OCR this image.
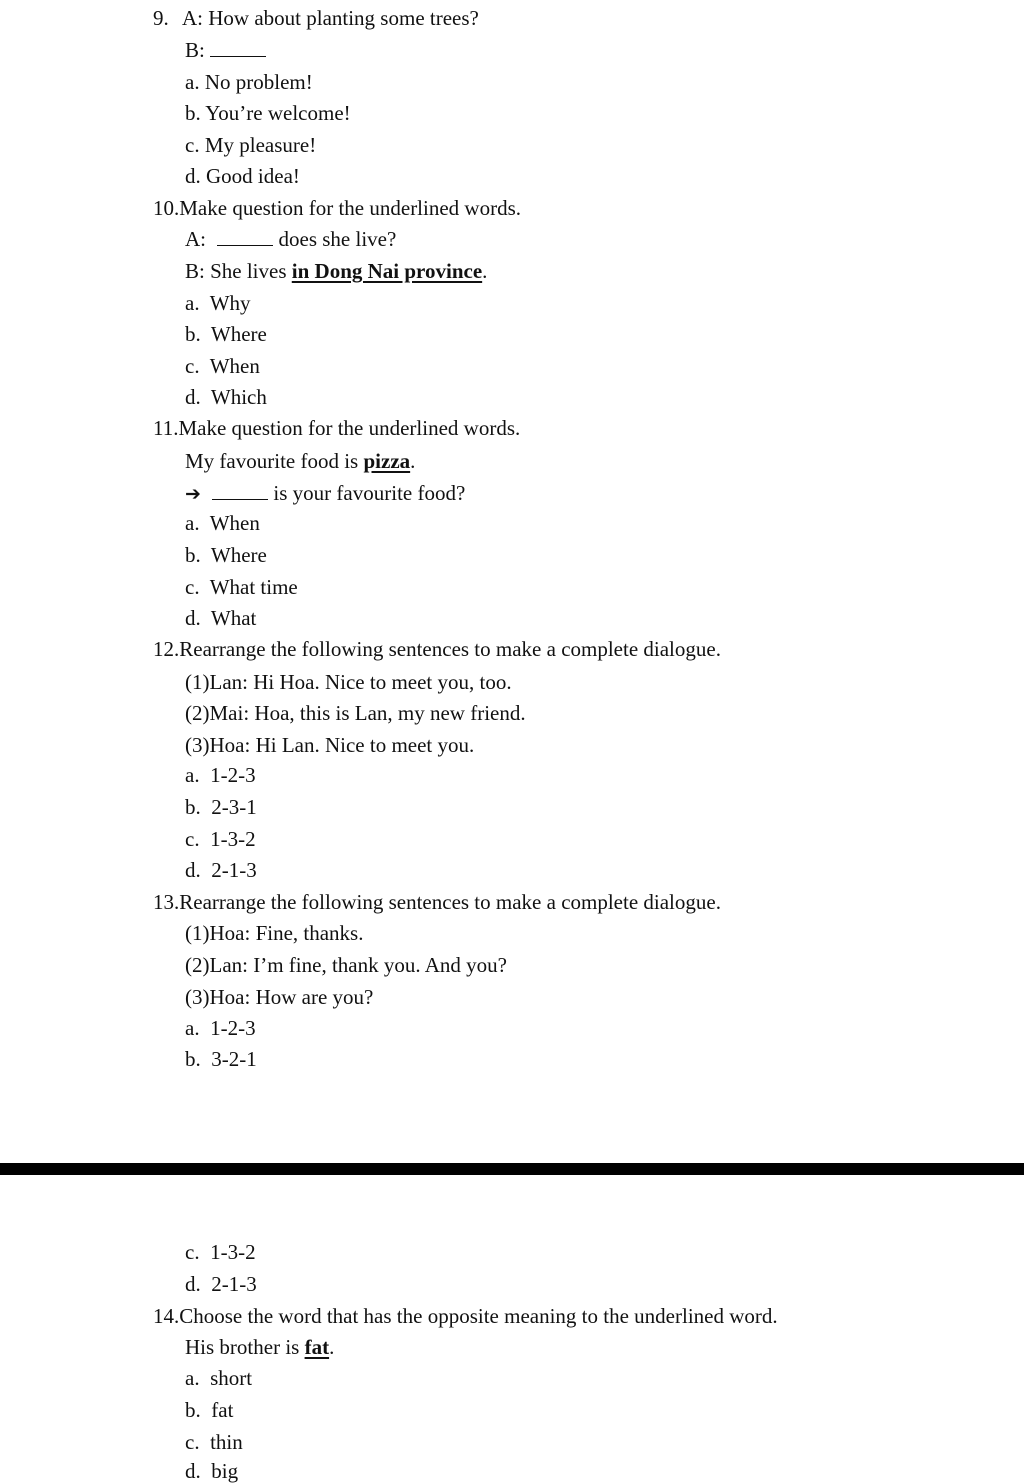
9. A: How about planting some trees?
B:
a. No problem!
b. You’re welcome!
c. My pleasure!
d. Good idea!
10.Make question for the underlined words.
A:	does she live?
B: She lives in Dong Nai province.
a. Why
b. Where
c. When
d. Which
11.Make question for the underlined words.
My favourite food is pizza.
➔	is your favourite food?
a. When
b. Where
c. What time
d. What
12.Rearrange the following sentences to make a complete dialogue.
(1)Lan: Hi Hoa. Nice to meet you, too.
(2)Mai: Hoa, this is Lan, my new friend.
(3)Hoa: Hi Lan. Nice to meet you.
a. 1-2-3
b. 2-3-1
c. 1-3-2
d. 2-1-3
13.Rearrange the following sentences to make a complete dialogue.
(1)Hoa: Fine, thanks.
(2)Lan: I’m fine, thank you. And you?
(3)Hoa: How are you?
a. 1-2-3
b. 3-2-1
c. 1-3-2
d. 2-1-3
14.Choose the word that has the opposite meaning to the underlined word.
His brother is fat.
a. short
b. fat
c. thin
d. big
